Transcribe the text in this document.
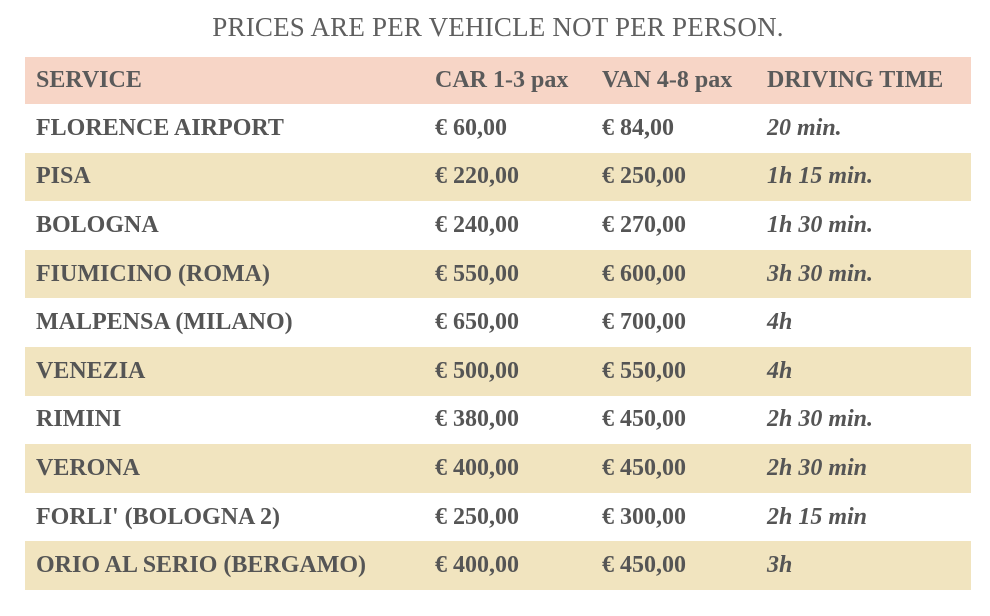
PRICES ARE PER VEHICLE NOT PER PERSON.
SERVICE	CAR 1-3 pax	VAN 4-8 pax	DRIVING TIME
FLORENCE AIRPORT	€ 60,00	€ 84,00	20 min.
PISA	€ 220,00	€ 250,00	1h 15 min.
BOLOGNA	€ 240,00	€ 270,00	1h 30 min.
FIUMICINO (ROMA)	€ 550,00	€ 600,00	3h 30 min.
MALPENSA (MILANO)	€ 650,00	€ 700,00	4h
VENEZIA	€ 500,00	€ 550,00	4h
RIMINI	€ 380,00	€ 450,00	2h 30 min.
VERONA	€ 400,00	€ 450,00	2h 30 min
FORLI' (BOLOGNA 2)	€ 250,00	€ 300,00	2h 15 min
ORIO AL SERIO (BERGAMO)	€ 400,00	€ 450,00	3h
